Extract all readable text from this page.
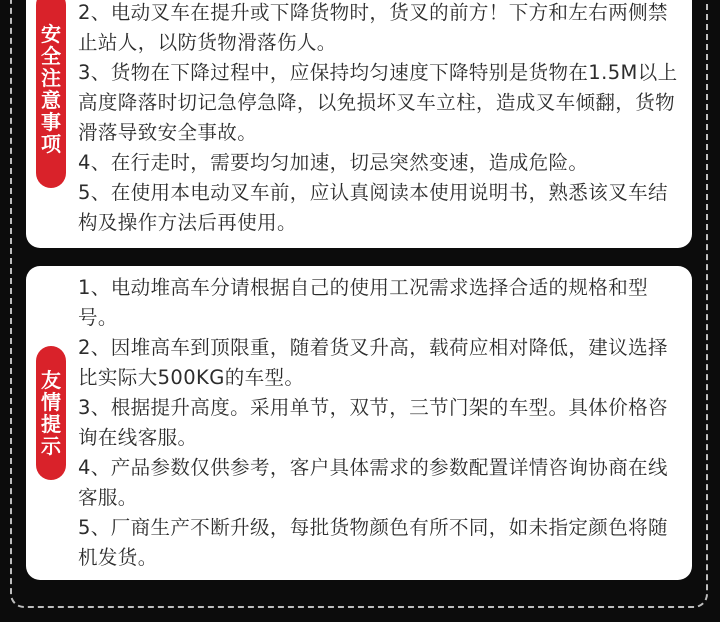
安全注意事项

2、电动叉车在提升或下降货物时，货叉的前方！下方和左右两侧禁止站人，以防货物滑落伤人。

3、货物在下降过程中，应保持均匀速度下降特别是货物在1.5M以上高度降落时切记急停急降，以免损坏叉车立柱，造成叉车倾翻，货物滑落导致安全事故。

4、在行走时，需要均匀加速，切忌突然变速，造成危险。

5、在使用本电动叉车前，应认真阅读本使用说明书，熟悉该叉车结构及操作方法后再使用。

友情提示

1、电动堆高车分请根据自己的使用工况需求选择合适的规格和型号。

2、因堆高车到顶限重，随着货叉升高，载荷应相对降低，建议选择比实际大500KG的车型。

3、根据提升高度。采用单节，双节，三节门架的车型。具体价格咨询在线客服。

4、产品参数仅供参考，客户具体需求的参数配置详情咨询协商在线客服。

5、厂商生产不断升级，每批货物颜色有所不同，如未指定颜色将随机发货。
